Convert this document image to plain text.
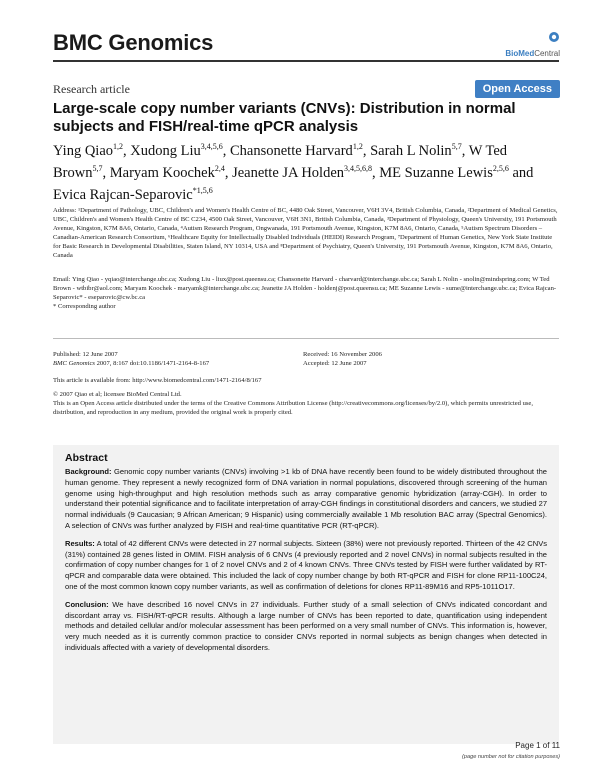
BMC Genomics	BioMedCentral
Research article	Open Access
Large-scale copy number variants (CNVs): Distribution in normal subjects and FISH/real-time qPCR analysis
Ying Qiao$^{1,2}$, Xudong Liu$^{3,4,5,6}$, Chansonette Harvard$^{1,2}$, Sarah L Nolin$^{5,7}$, W Ted Brown$^{5,7}$, Maryam Koochek$^{2,4}$, Jeanette JA Holden$^{3,4,5,6,8}$, ME Suzanne Lewis$^{2,5,6}$ and Evica Rajcan-Separovic$^{*1,5,6}$
Address: ¹Department of Pathology, UBC, Children's and Women's Health Centre of BC, 4480 Oak Street, Vancouver, V6H 3V4, British Columbia, Canada, ²Department of Medical Genetics, UBC, Children's and Women's Health Centre of BC C234, 4500 Oak Street, Vancouver, V6H 3N1, British Columbia, Canada, ³Department of Physiology, Queen's University, 191 Portsmouth Avenue, Kingston, K7M 8A6, Ontario, Canada, ⁴Autism Research Program, Ongwanada, 191 Portsmouth Avenue, Kingston, K7M 8A6, Ontario, Canada, ⁵Autism Spectrum Disorders – Canadian-American Research Consortium, ⁶Healthcare Equity for Intellectually Disabled Individuals (HEIDI) Research Program, ⁷Department of Human Genetics, New York State Institute for Basic Research in Developmental Disabilities, Staten Island, NY 10314, USA and ⁸Department of Psychiatry, Queen's University, 191 Portsmouth Avenue, Kingston, K7M 8A6, Ontario, Canada
Email: Ying Qiao - yqiao@interchange.ubc.ca; Xudong Liu - liux@post.queensu.ca; Chansonette Harvard - charvard@interchange.ubc.ca; Sarah L Nolin - snolin@mindspring.com; W Ted Brown - wtbibr@aol.com; Maryam Koochek - maryamk@interchange.ubc.ca; Jeanette JA Holden - holdenj@post.queensu.ca; ME Suzanne Lewis - sume@interchange.ubc.ca; Evica Rajcan-Separovic* - eseparovic@cw.bc.ca
* Corresponding author
Published: 12 June 2007
BMC Genomics 2007, 8:167 doi:10.1186/1471-2164-8-167
Received: 16 November 2006
Accepted: 12 June 2007
This article is available from: http://www.biomedcentral.com/1471-2164/8/167
© 2007 Qiao et al; licensee BioMed Central Ltd.
This is an Open Access article distributed under the terms of the Creative Commons Attribution License (http://creativecommons.org/licenses/by/2.0), which permits unrestricted use, distribution, and reproduction in any medium, provided the original work is properly cited.
Abstract

Background: Genomic copy number variants (CNVs) involving >1 kb of DNA have recently been found to be widely distributed throughout the human genome. They represent a newly recognized form of DNA variation in normal populations, discovered through screening of the human genome using high-throughput and high resolution methods such as array comparative genomic hybridization (array-CGH). In order to understand their potential significance and to facilitate interpretation of array-CGH findings in constitutional disorders and cancers, we studied 27 normal individuals (9 Caucasian; 9 African American; 9 Hispanic) using commercially available 1 Mb resolution BAC array (Spectral Genomics). A selection of CNVs was further analyzed by FISH and real-time quantitative PCR (RT-qPCR).

Results: A total of 42 different CNVs were detected in 27 normal subjects. Sixteen (38%) were not previously reported. Thirteen of the 42 CNVs (31%) contained 28 genes listed in OMIM. FISH analysis of 6 CNVs (4 previously reported and 2 novel CNVs) in normal subjects resulted in the confirmation of copy number changes for 1 of 2 novel CNVs and 2 of 4 known CNVs. Three CNVs tested by FISH were further validated by RT-qPCR and comparable data were obtained. This included the lack of copy number change by both RT-qPCR and FISH for clone RP11-100C24, one of the most common known copy number variants, as well as confirmation of deletions for clones RP11-89M16 and RP5-1011O17.

Conclusion: We have described 16 novel CNVs in 27 individuals. Further study of a small selection of CNVs indicated concordant and discordant array vs. FISH/RT-qPCR results. Although a large number of CNVs has been reported to date, quantification using independent methods and detailed cellular and/or molecular assessment has been performed on a very small number of CNVs. This information is, however, very much needed as it is currently common practice to consider CNVs reported in normal subjects as benign changes when detected in individuals affected with a variety of developmental disorders.

Page 1 of 11
(page number not for citation purposes)
